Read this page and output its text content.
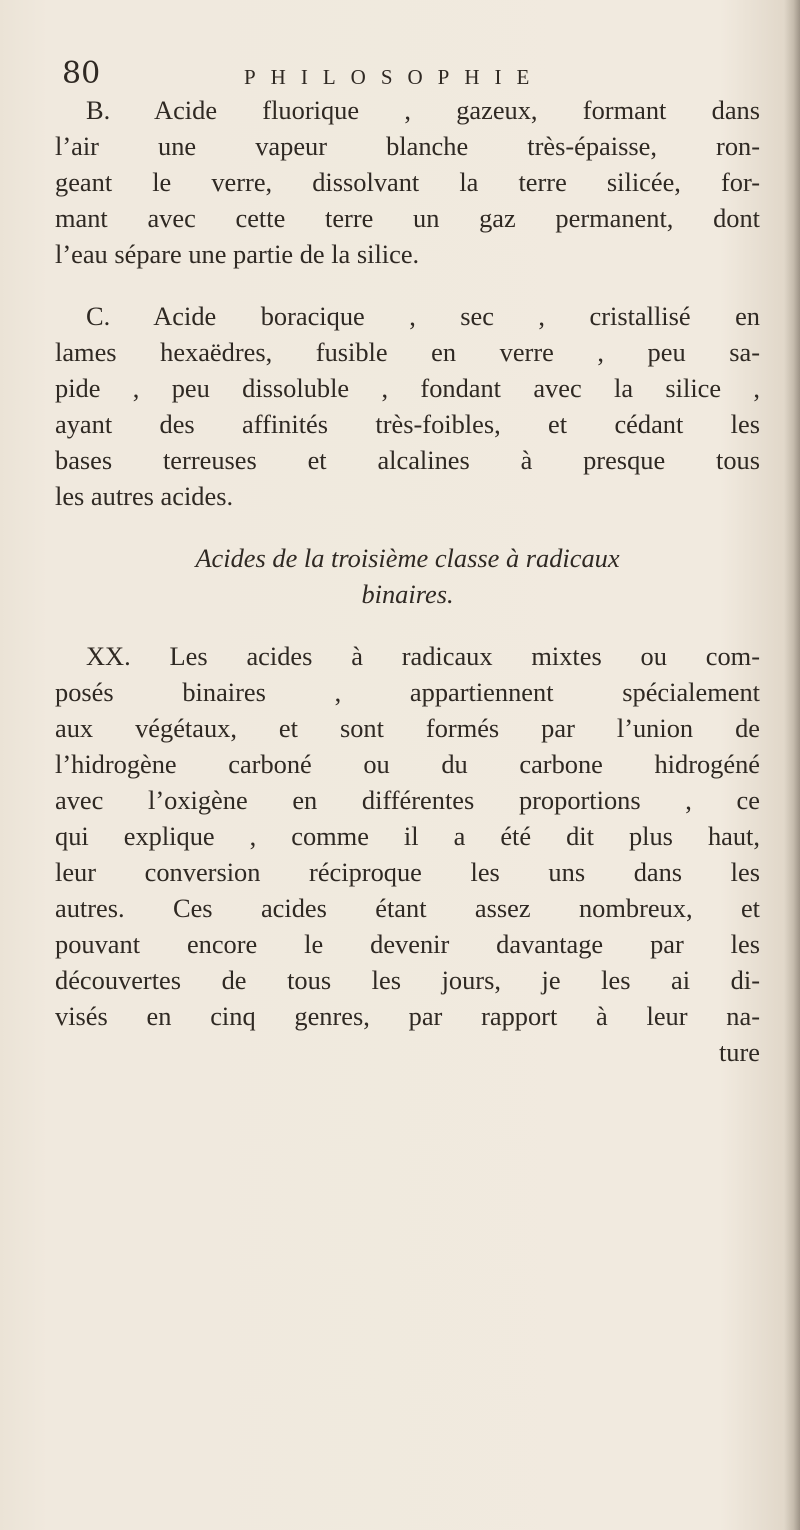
80	PHILOSOPHIE
B. Acide fluorique , gazeux, formant dans
l’air une vapeur blanche très-épaisse, ron-
geant le verre, dissolvant la terre silicée, for-
mant avec cette terre un gaz permanent, dont
l’eau sépare une partie de la silice.
C. Acide boracique , sec , cristallisé en
lames hexaëdres, fusible en verre , peu sa-
pide , peu dissoluble , fondant avec la silice ,
ayant des affinités très-foibles, et cédant les
bases terreuses et alcalines à presque tous
les autres acides.
Acides de la troisième classe à radicaux
binaires.
XX. Les acides à radicaux mixtes ou com-
posés binaires , appartiennent spécialement
aux végétaux, et sont formés par l’union de
l’hidrogène carboné ou du carbone hidrogéné
avec l’oxigène en différentes proportions , ce
qui explique , comme il a été dit plus haut,
leur conversion réciproque les uns dans les
autres. Ces acides étant assez nombreux, et
pouvant encore le devenir davantage par les
découvertes de tous les jours, je les ai di-
visés en cinq genres, par rapport à leur na-
ture
